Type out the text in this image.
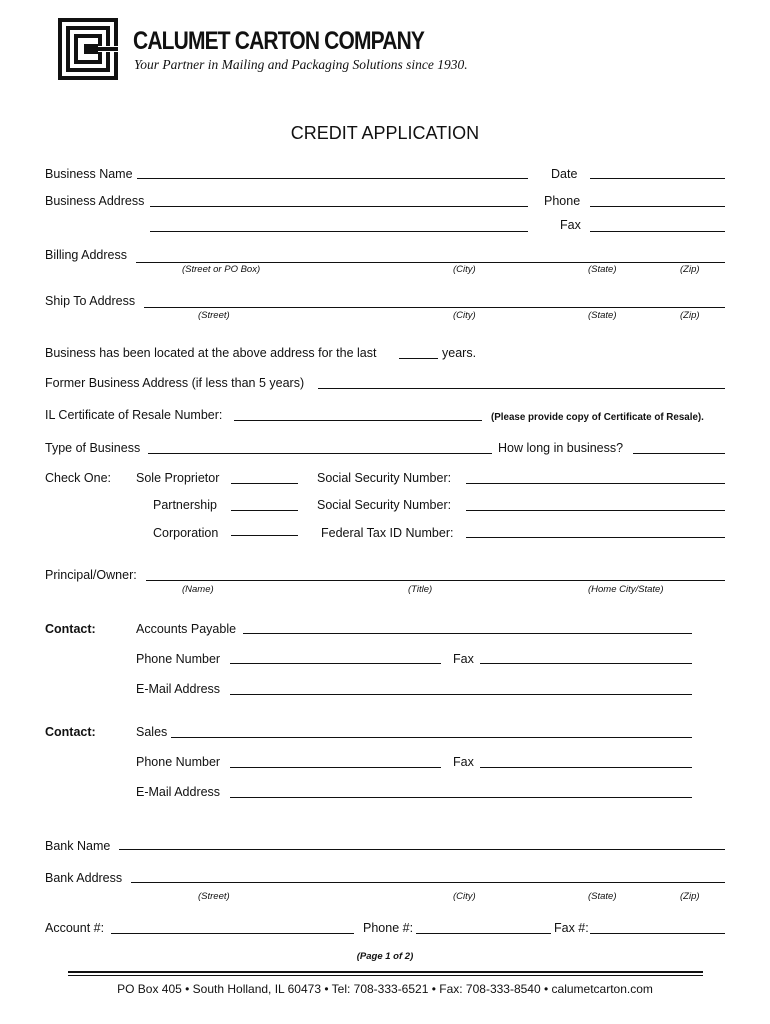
CALUMET CARTON COMPANY
Your Partner in Mailing and Packaging Solutions since 1930.
CREDIT APPLICATION
Business Name	Date
Business Address	Phone
Fax
Billing Address
(Street or PO Box)	(City)	(State)	(Zip)
Ship To Address
(Street)	(City)	(State)	(Zip)
Business has been located at the above address for the last	years.
Former Business Address (if less than 5 years)
IL Certificate of Resale Number:	(Please provide copy of Certificate of Resale).
Type of Business	How long in business?
Check One: Sole Proprietor	Social Security Number:
Partnership	Social Security Number:
Corporation	Federal Tax ID Number:
Principal/Owner:
(Name)	(Title)	(Home City/State)
Contact:	Accounts Payable
Phone Number	Fax
E-Mail Address
Contact:	Sales
Phone Number	Fax
E-Mail Address
Bank Name
Bank Address
(Street)	(City)	(State)	(Zip)
Account #:	Phone #:	Fax #:
(Page 1 of 2)
PO Box 405 • South Holland, IL 60473 • Tel: 708-333-6521 • Fax: 708-333-8540 • calumetcarton.com
